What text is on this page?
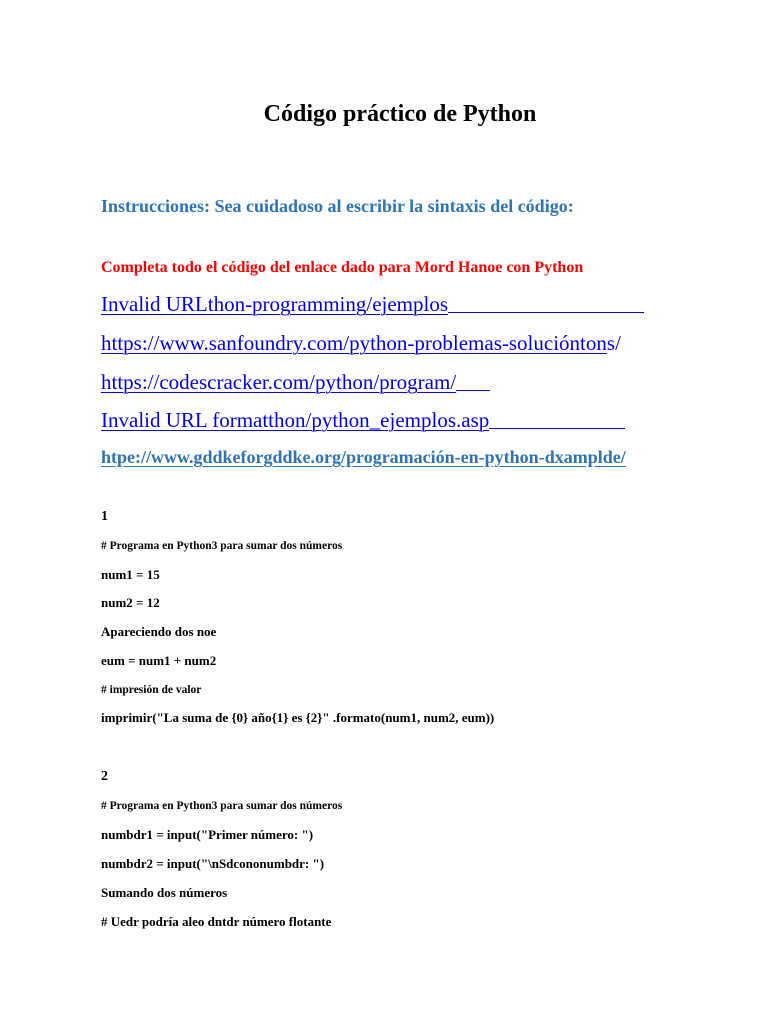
Código práctico de Python
Instrucciones: Sea cuidadoso al escribir la sintaxis del código:
Completa todo el código del enlace dado para Mord Hanoe con Python
Invalid URLthon-programming/ejemplos
https://www.sanfoundry.com/python-problemas-solucióntons/
https://codescracker.com/python/program/
Invalid URL formatthon/python_ejemplos.asp
htpe://www.gddkeforgddke.org/programación-en-python-dxamplde/
1
# Programa en Python3 para sumar dos números
num1 = 15
num2 = 12
Apareciendo dos noe
eum = num1 + num2
# impresión de valor
imprimir("La suma de {0} año{1} es {2}" .formato(num1, num2, eum))
2
# Programa en Python3 para sumar dos números
numbdr1 = input("Primer número: ")
numbdr2 = input("\nSdcononumbdr: ")
Sumando dos números
# Uedr podría aleo dntdr número flotante
